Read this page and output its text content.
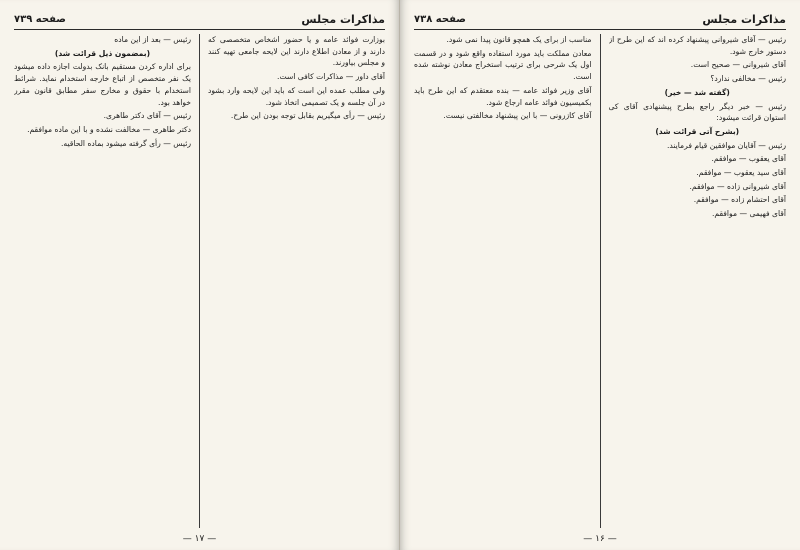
مذاکرات مجلس
صفحه ۷۳۹

بوزارت فوائد عامه و یا حضور اشخاص متخصصی که دارند و از معادن اطلاع دارند این لایحه جامعی تهیه کنند و مجلس بیاورند.

آقای داور — مذاکرات کافی است.

ولی مطلب عمده این است که باید این لایحه وارد بشود در آن جلسه و یک تصمیمی اتخاذ شود.

رئیس — رأی میگیریم بقابل توجه بودن این طرح.

رئیس — بعد از این ماده

(بمضمون ذیل قرائت شد)

برای اداره کردن مستقیم بانک بدولت اجازه داده میشود یک نفر متخصص از اتباع خارجه استخدام نماید. شرائط استخدام با حقوق و مخارج سفر مطابق قانون مقرر خواهد بود.

رئیس — آقای دکتر طاهری.

دکتر طاهری — مخالفت نشده و با این ماده موافقم.

رئیس — رأی گرفته میشود بماده الحاقیه.

— ۱۷ —
مذاکرات مجلس
صفحه ۷۳۸

رئیس — آقای شیروانی پیشنهاد کرده اند که این طرح از دستور خارج شود.

آقای شیروانی — صحیح است.

رئیس — مخالفی ندارد؟

(گفته شد — خیر)

رئیس — خبر دیگر راجع بطرح پیشنهادی آقای کی استوان قرائت میشود:

(بشرح آتی قرائت شد)

رئیس — آقایان موافقین قیام فرمایند.

آقای یعقوب — موافقم.

آقای سید یعقوب — موافقم.

آقای شیروانی زاده — موافقم.

آقای احتشام زاده — موافقم.

آقای فهیمی — موافقم.

مناسب از برای یک همچو قانون پیدا نمی شود.

معادن مملکت باید مورد استفاده واقع شود و در قسمت اول یک شرحی برای ترتیب استخراج معادن نوشته شده است.

آقای وزیر فوائد عامه — بنده معتقدم که این طرح باید بکمیسیون فوائد عامه ارجاع شود.

آقای کازرونی — با این پیشنهاد مخالفتی نیست.

— ۱۶ —
